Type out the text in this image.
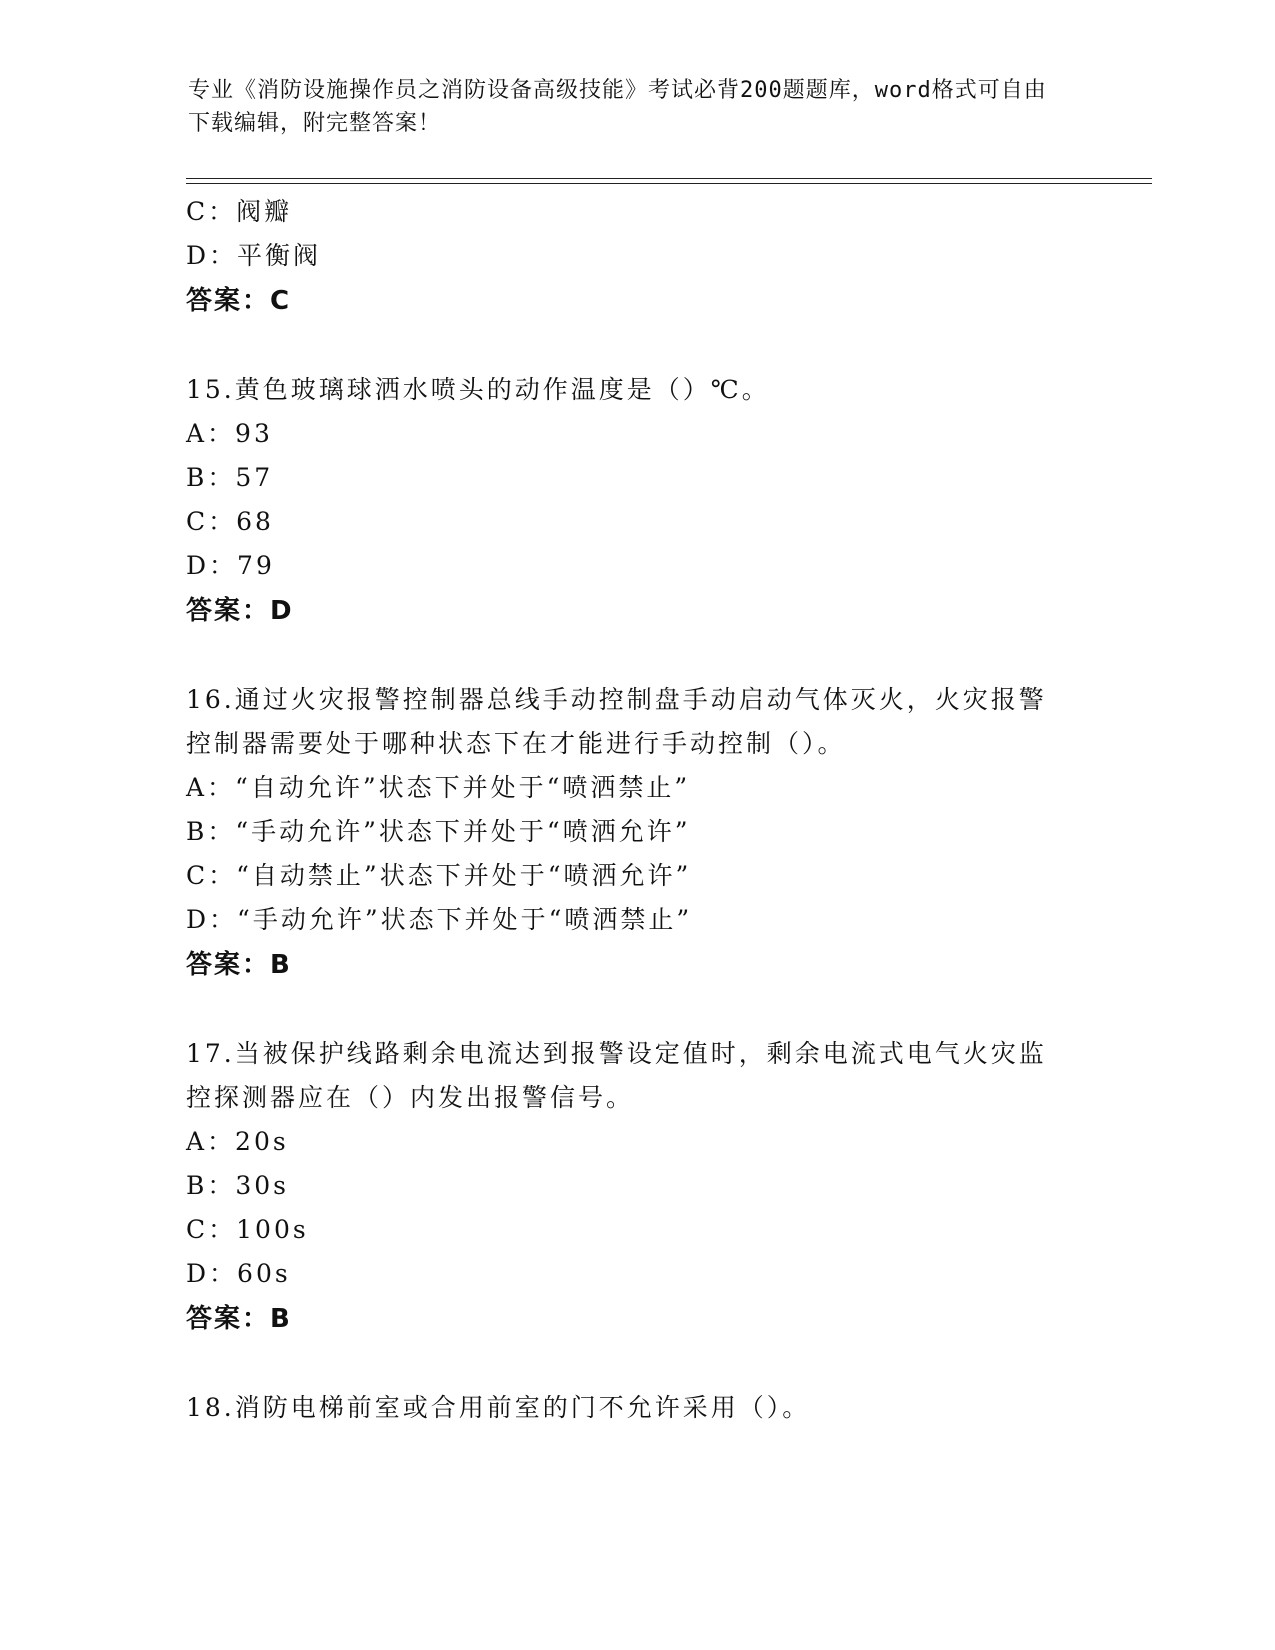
专业《消防设施操作员之消防设备高级技能》考试必背200题题库，word格式可自由下载编辑，附完整答案！
C：阀瓣
D：平衡阀
答案：C
15.黄色玻璃球洒水喷头的动作温度是（）℃。
A：93
B：57
C：68
D：79
答案：D
16.通过火灾报警控制器总线手动控制盘手动启动气体灭火，火灾报警
控制器需要处于哪种状态下在才能进行手动控制（）。
A：“自动允许”状态下并处于“喷洒禁止”
B：“手动允许”状态下并处于“喷洒允许”
C：“自动禁止”状态下并处于“喷洒允许”
D：“手动允许”状态下并处于“喷洒禁止”
答案：B
17.当被保护线路剩余电流达到报警设定值时，剩余电流式电气火灾监
控探测器应在（）内发出报警信号。
A：20s
B：30s
C：100s
D：60s
答案：B
18.消防电梯前室或合用前室的门不允许采用（）。
